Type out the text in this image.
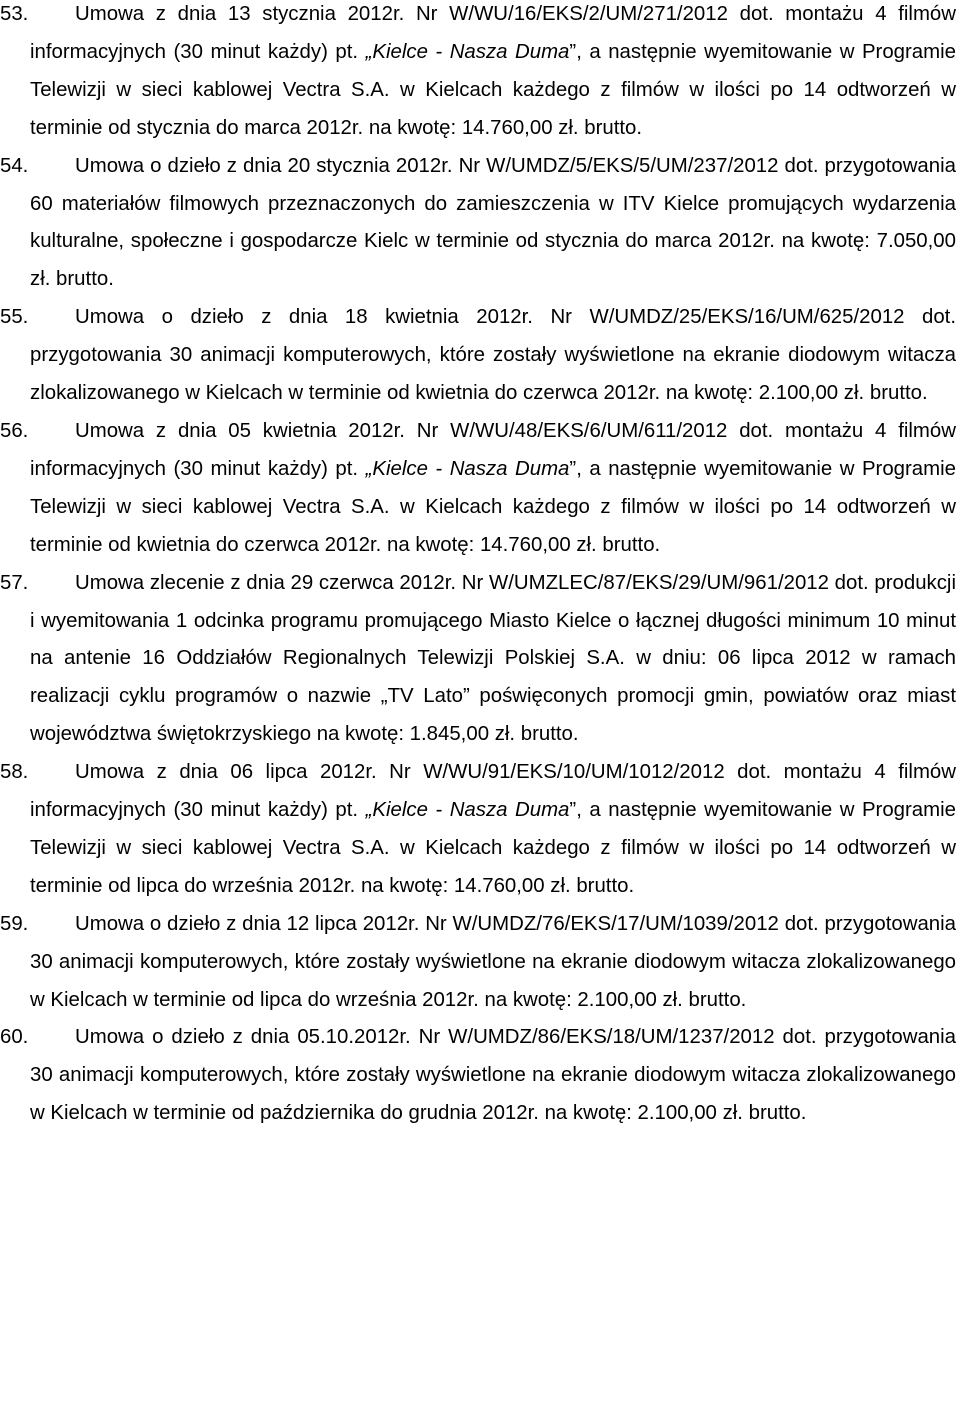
53.	Umowa z dnia 13 stycznia 2012r. Nr W/WU/16/EKS/2/UM/271/2012 dot. montażu 4 filmów informacyjnych (30 minut każdy) pt. „Kielce - Nasza Duma”, a następnie wyemitowanie w Programie Telewizji w sieci kablowej Vectra S.A. w Kielcach każdego z filmów w ilości po 14 odtworzeń w terminie od stycznia do marca 2012r. na kwotę: 14.760,00 zł. brutto.

54.	Umowa o dzieło z dnia 20 stycznia 2012r. Nr W/UMDZ/5/EKS/5/UM/237/2012 dot. przygotowania 60 materiałów filmowych przeznaczonych do zamieszczenia w ITV Kielce promujących wydarzenia kulturalne, społeczne i gospodarcze Kielc w terminie od stycznia do marca 2012r. na kwotę: 7.050,00 zł. brutto.

55.	Umowa o dzieło z dnia 18 kwietnia 2012r. Nr W/UMDZ/25/EKS/16/UM/625/2012 dot. przygotowania 30 animacji komputerowych, które zostały wyświetlone na ekranie diodowym witacza zlokalizowanego w Kielcach w terminie od kwietnia do czerwca 2012r. na kwotę: 2.100,00 zł. brutto.

56.	Umowa z dnia 05 kwietnia 2012r. Nr W/WU/48/EKS/6/UM/611/2012 dot. montażu 4 filmów informacyjnych (30 minut każdy) pt. „Kielce - Nasza Duma”, a następnie wyemitowanie w Programie Telewizji w sieci kablowej Vectra S.A. w Kielcach każdego z filmów w ilości po 14 odtworzeń w terminie od kwietnia do czerwca 2012r. na kwotę: 14.760,00 zł. brutto.

57.	Umowa zlecenie z dnia 29 czerwca 2012r. Nr W/UMZLEC/87/EKS/29/UM/961/2012 dot. produkcji i wyemitowania 1 odcinka programu promującego Miasto Kielce o łącznej długości minimum 10 minut na antenie 16 Oddziałów Regionalnych Telewizji Polskiej S.A. w dniu: 06 lipca 2012 w ramach realizacji cyklu programów o nazwie „TV Lato” poświęconych promocji gmin, powiatów oraz miast województwa świętokrzyskiego na kwotę: 1.845,00 zł. brutto.

58.	Umowa z dnia 06 lipca 2012r. Nr W/WU/91/EKS/10/UM/1012/2012 dot. montażu 4 filmów informacyjnych (30 minut każdy) pt. „Kielce - Nasza Duma”, a następnie wyemitowanie w Programie Telewizji w sieci kablowej Vectra S.A. w Kielcach każdego z filmów w ilości po 14 odtworzeń w terminie od lipca do września 2012r. na kwotę: 14.760,00 zł. brutto.

59.	Umowa o dzieło z dnia 12 lipca 2012r. Nr W/UMDZ/76/EKS/17/UM/1039/2012 dot. przygotowania 30 animacji komputerowych, które zostały wyświetlone na ekranie diodowym witacza zlokalizowanego w Kielcach w terminie od lipca do września 2012r. na kwotę: 2.100,00 zł. brutto.

60.	Umowa o dzieło z dnia 05.10.2012r. Nr W/UMDZ/86/EKS/18/UM/1237/2012 dot. przygotowania 30 animacji komputerowych, które zostały wyświetlone na ekranie diodowym witacza zlokalizowanego w Kielcach w terminie od października do grudnia 2012r. na kwotę: 2.100,00 zł. brutto.
